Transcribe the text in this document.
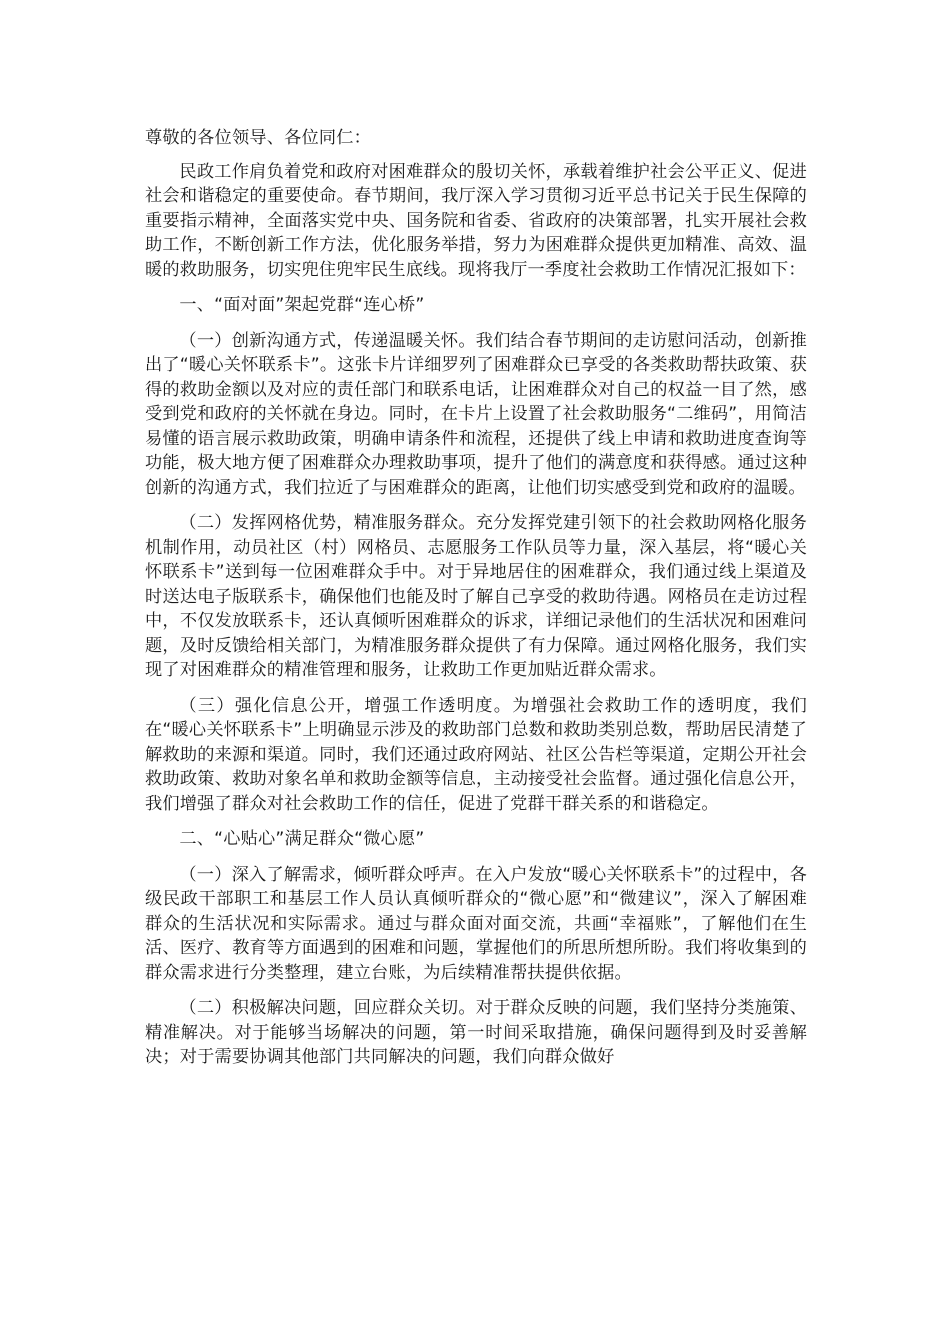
尊敬的各位领导、各位同仁：

民政工作肩负着党和政府对困难群众的殷切关怀，承载着维护社会公平正义、促进社会和谐稳定的重要使命。春节期间，我厅深入学习贯彻习近平总书记关于民生保障的重要指示精神，全面落实党中央、国务院和省委、省政府的决策部署，扎实开展社会救助工作，不断创新工作方法，优化服务举措，努力为困难群众提供更加精准、高效、温暖的救助服务，切实兜住兜牢民生底线。现将我厅一季度社会救助工作情况汇报如下：

一、“面对面”架起党群“连心桥”

（一）创新沟通方式，传递温暖关怀。我们结合春节期间的走访慰问活动，创新推出了“暖心关怀联系卡”。这张卡片详细罗列了困难群众已享受的各类救助帮扶政策、获得的救助金额以及对应的责任部门和联系电话，让困难群众对自己的权益一目了然，感受到党和政府的关怀就在身边。同时，在卡片上设置了社会救助服务“二维码”，用简洁易懂的语言展示救助政策，明确申请条件和流程，还提供了线上申请和救助进度查询等功能，极大地方便了困难群众办理救助事项，提升了他们的满意度和获得感。通过这种创新的沟通方式，我们拉近了与困难群众的距离，让他们切实感受到党和政府的温暖。

（二）发挥网格优势，精准服务群众。充分发挥党建引领下的社会救助网格化服务机制作用，动员社区（村）网格员、志愿服务工作队员等力量，深入基层，将“暖心关怀联系卡”送到每一位困难群众手中。对于异地居住的困难群众，我们通过线上渠道及时送达电子版联系卡，确保他们也能及时了解自己享受的救助待遇。网格员在走访过程中，不仅发放联系卡，还认真倾听困难群众的诉求，详细记录他们的生活状况和困难问题，及时反馈给相关部门，为精准服务群众提供了有力保障。通过网格化服务，我们实现了对困难群众的精准管理和服务，让救助工作更加贴近群众需求。

（三）强化信息公开，增强工作透明度。为增强社会救助工作的透明度，我们在“暖心关怀联系卡”上明确显示涉及的救助部门总数和救助类别总数，帮助居民清楚了解救助的来源和渠道。同时，我们还通过政府网站、社区公告栏等渠道，定期公开社会救助政策、救助对象名单和救助金额等信息，主动接受社会监督。通过强化信息公开，我们增强了群众对社会救助工作的信任，促进了党群干群关系的和谐稳定。

二、“心贴心”满足群众“微心愿”

（一）深入了解需求，倾听群众呼声。在入户发放“暖心关怀联系卡”的过程中，各级民政干部职工和基层工作人员认真倾听群众的“微心愿”和“微建议”，深入了解困难群众的生活状况和实际需求。通过与群众面对面交流，共画“幸福账”，了解他们在生活、医疗、教育等方面遇到的困难和问题，掌握他们的所思所想所盼。我们将收集到的群众需求进行分类整理，建立台账，为后续精准帮扶提供依据。

（二）积极解决问题，回应群众关切。对于群众反映的问题，我们坚持分类施策、精准解决。对于能够当场解决的问题，第一时间采取措施，确保问题得到及时妥善解决；对于需要协调其他部门共同解决的问题，我们向群众做好
